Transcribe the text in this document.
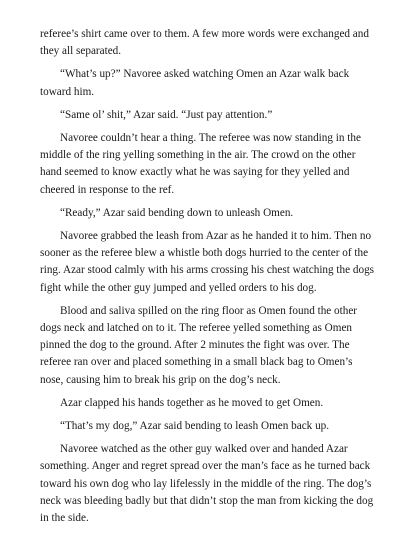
referee’s shirt came over to them. A few more words were exchanged and they all separated.

“What’s up?” Navoree asked watching Omen an Azar walk back toward him.

“Same ol’ shit,” Azar said. “Just pay attention.”

Navoree couldn’t hear a thing. The referee was now standing in the middle of the ring yelling something in the air. The crowd on the other hand seemed to know exactly what he was saying for they yelled and cheered in response to the ref.

“Ready,” Azar said bending down to unleash Omen.

Navoree grabbed the leash from Azar as he handed it to him. Then no sooner as the referee blew a whistle both dogs hurried to the center of the ring. Azar stood calmly with his arms crossing his chest watching the dogs fight while the other guy jumped and yelled orders to his dog.

Blood and saliva spilled on the ring floor as Omen found the other dogs neck and latched on to it. The referee yelled something as Omen pinned the dog to the ground. After 2 minutes the fight was over. The referee ran over and placed something in a small black bag to Omen’s nose, causing him to break his grip on the dog’s neck.

Azar clapped his hands together as he moved to get Omen.

“That’s my dog,” Azar said bending to leash Omen back up.

Navoree watched as the other guy walked over and handed Azar something. Anger and regret spread over the man’s face as he turned back toward his own dog who lay lifelessly in the middle of the ring. The dog’s neck was bleeding badly but that didn’t stop the man from kicking the dog in the side.
